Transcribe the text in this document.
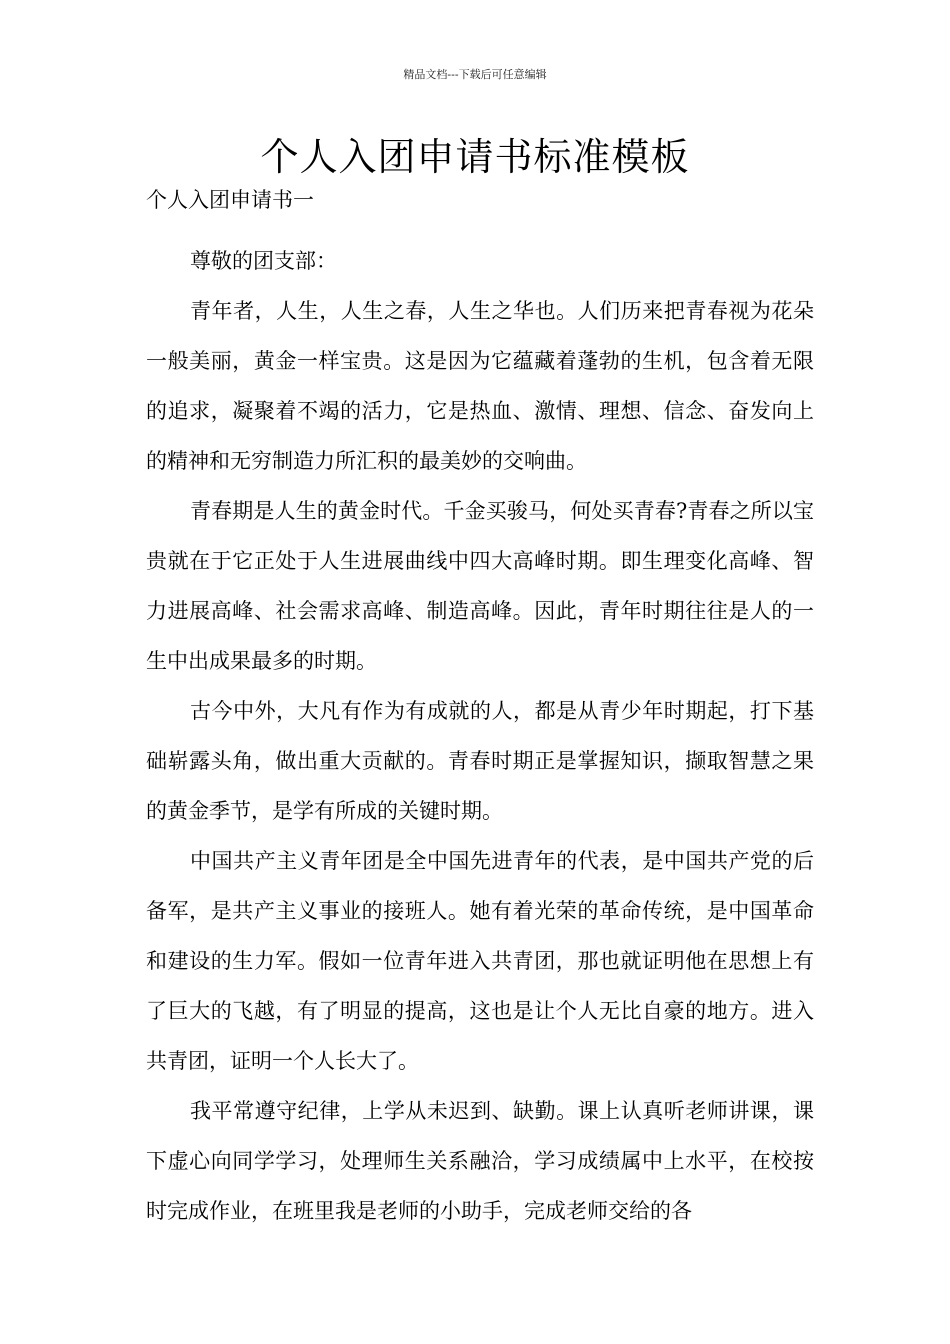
精品文档---下载后可任意编辑
个人入团申请书标准模板
个人入团申请书一

尊敬的团支部：

青年者，人生，人生之春，人生之华也。人们历来把青春视为花朵一般美丽，黄金一样宝贵。这是因为它蕴藏着蓬勃的生机，包含着无限的追求，凝聚着不竭的活力，它是热血、激情、理想、信念、奋发向上的精神和无穷制造力所汇积的最美妙的交响曲。

青春期是人生的黄金时代。千金买骏马，何处买青春?青春之所以宝贵就在于它正处于人生进展曲线中四大高峰时期。即生理变化高峰、智力进展高峰、社会需求高峰、制造高峰。因此，青年时期往往是人的一生中出成果最多的时期。

古今中外，大凡有作为有成就的人，都是从青少年时期起，打下基础崭露头角，做出重大贡献的。青春时期正是掌握知识，撷取智慧之果的黄金季节，是学有所成的关键时期。

中国共产主义青年团是全中国先进青年的代表，是中国共产党的后备军，是共产主义事业的接班人。她有着光荣的革命传统，是中国革命和建设的生力军。假如一位青年进入共青团，那也就证明他在思想上有了巨大的飞越，有了明显的提高，这也是让个人无比自豪的地方。进入共青团，证明一个人长大了。

我平常遵守纪律，上学从未迟到、缺勤。课上认真听老师讲课，课下虚心向同学学习，处理师生关系融洽，学习成绩属中上水平，在校按时完成作业，在班里我是老师的小助手，完成老师交给的各
